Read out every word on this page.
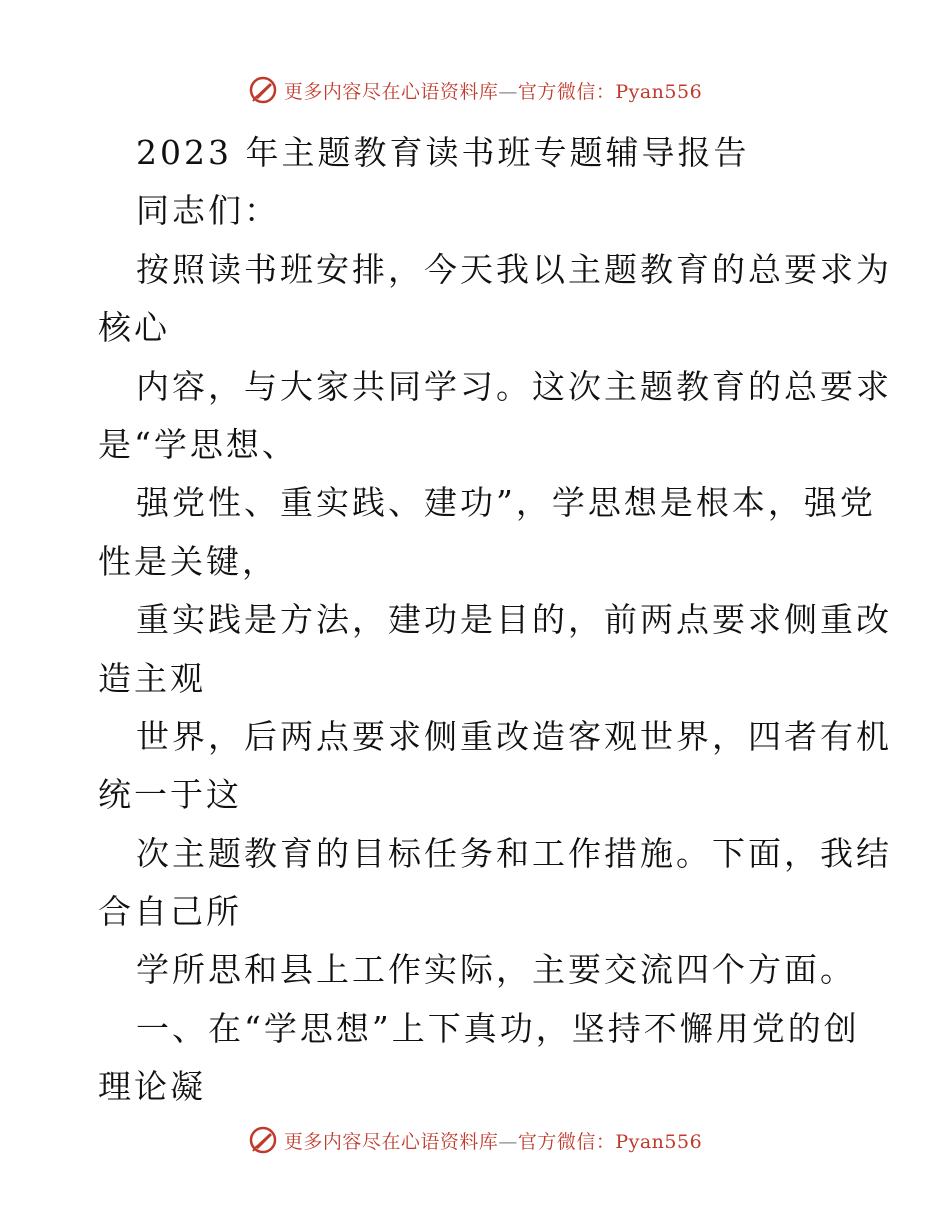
更多内容尽在心语资料库—官方微信：Pyan556
2023 年主题教育读书班专题辅导报告
同志们：
按照读书班安排，今天我以主题教育的总要求为
核心
内容，与大家共同学习。这次主题教育的总要求
是“学思想、
强党性、重实践、建功”，学思想是根本，强党
性是关键，
重实践是方法，建功是目的，前两点要求侧重改
造主观
世界，后两点要求侧重改造客观世界，四者有机
统一于这
次主题教育的目标任务和工作措施。下面，我结
合自己所
学所思和县上工作实际，主要交流四个方面。
一、在“学思想”上下真功，坚持不懈用党的创
理论凝
更多内容尽在心语资料库—官方微信：Pyan556
